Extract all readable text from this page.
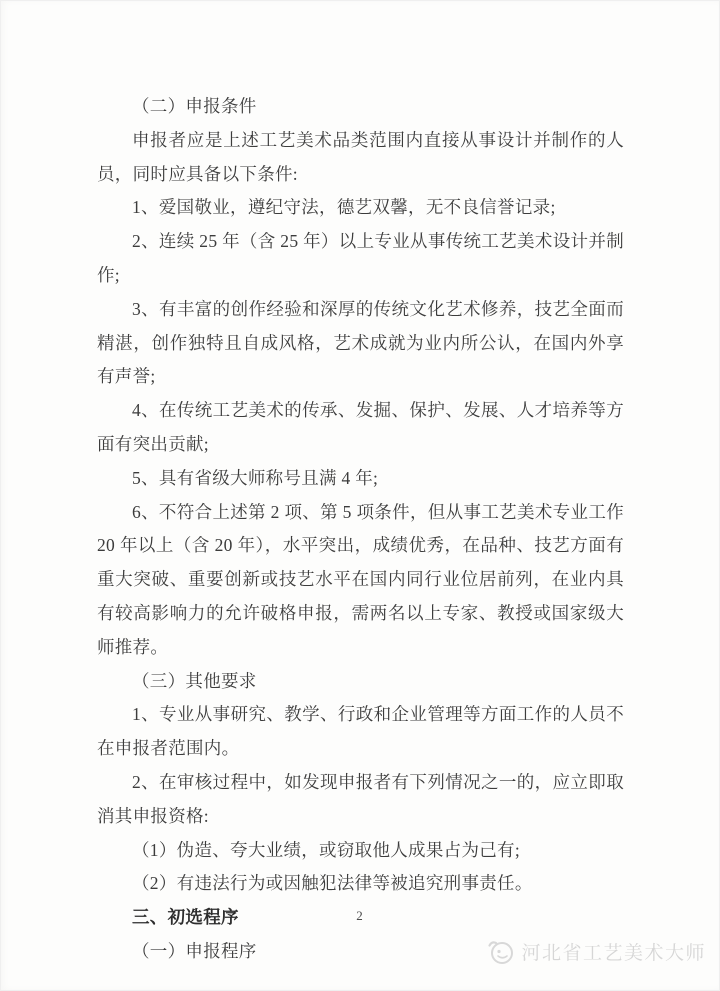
（二）申报条件

申报者应是上述工艺美术品类范围内直接从事设计并制作的人员，同时应具备以下条件:

1、爱国敬业，遵纪守法，德艺双馨，无不良信誉记录;

2、连续 25 年（含 25 年）以上专业从事传统工艺美术设计并制作;

3、有丰富的创作经验和深厚的传统文化艺术修养，技艺全面而精湛，创作独特且自成风格，艺术成就为业内所公认，在国内外享有声誉;

4、在传统工艺美术的传承、发掘、保护、发展、人才培养等方面有突出贡献;

5、具有省级大师称号且满 4 年;

6、不符合上述第 2 项、第 5 项条件，但从事工艺美术专业工作 20 年以上（含 20 年），水平突出，成绩优秀，在品种、技艺方面有重大突破、重要创新或技艺水平在国内同行业位居前列，在业内具有较高影响力的允许破格申报，需两名以上专家、教授或国家级大师推荐。

（三）其他要求

1、专业从事研究、教学、行政和企业管理等方面工作的人员不在申报者范围内。

2、在审核过程中，如发现申报者有下列情况之一的，应立即取消其申报资格:

（1）伪造、夸大业绩，或窃取他人成果占为己有;

（2）有违法行为或因触犯法律等被追究刑事责任。

三、初选程序

（一）申报程序

2
河北省工艺美术大师
